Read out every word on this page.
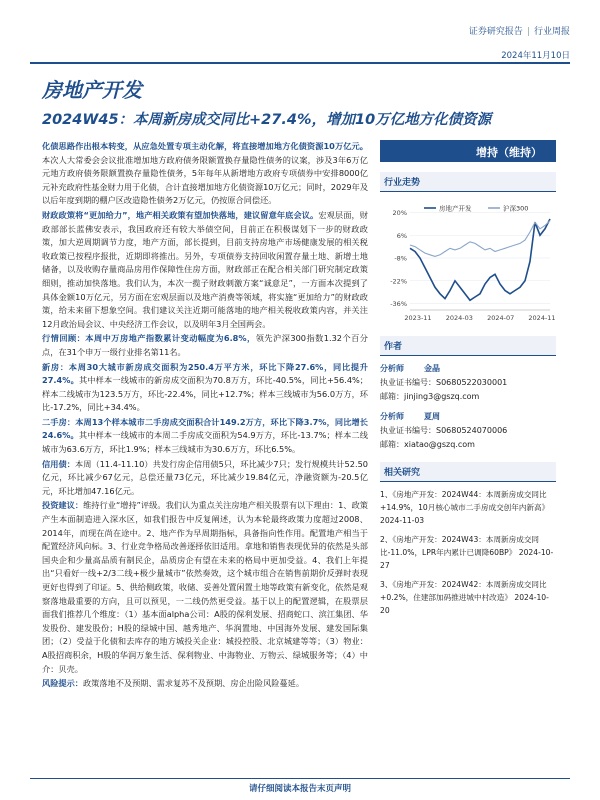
证券研究报告 | 行业周报
2024年11月10日
房地产开发
2024W45：本周新房成交同比+27.4%，增加10万亿地方化债资源

化债思路作出根本转变，从应急处置专项主动化解，将直接增加地方化债资源10万亿元。本次人大常委会会议批准增加地方政府债务限额置换存量隐性债务的议案，涉及3年6万亿元地方政府债务限额置换存量隐性债务，5年每年从新增地方政府专项债券中安排8000亿元补充政府性基金财力用于化债，合计直接增加地方化债资源10万亿元；同时，2029年及以后年度到期的棚户区改造隐性债务2万亿元，仍按原合同偿还。

财政政策将“更加给力”，地产相关政策有望加快落地，建议留意年底会议。宏观层面，财政部部长蓝佛安表示，我国政府还有较大举债空间，目前正在积极谋划下一步的财政政策，加大逆周期调节力度，地产方面，部长提到，目前支持房地产市场健康发展的相关税收政策已按程序报批，近期即将推出。另外，专项债券支持回收闲置存量土地、新增土地储备，以及收购存量商品房用作保障性住房方面，财政部正在配合相关部门研究制定政策细则，推动加快落地。我们认为，本次一揽子财政刺激方案“诚意足”，一方面本次提到了具体金额10万亿元，另方面在宏观层面以及地产消费等领域，将实施“更加给力”的财政政策，给未来留下想象空间。我们建议关注近期可能落地的地产相关税收政策内容，并关注12月政治局会议、中央经济工作会议，以及明年3月全国两会。

行情回顾：本周中万房地产指数累计变动幅度为6.8%，领先沪深300指数1.32个百分点，在31个申万一级行业排名第11名。

新房：本周30大城市新房成交面积为250.4万平方米，环比下降27.6%，同比提升27.4%。其中样本一线城市的新房成交面积为70.8万方，环比-40.5%，同比+56.4%；样本二线城市为123.5万方，环比-22.4%，同比+12.7%；样本三线城市为56.0万方，环比-17.2%，同比+34.4%。

二手房：本周13个样本城市二手房成交面积合计149.2万方，环比下降3.7%，同比增长24.6%。其中样本一线城市的本周二手房成交面积为54.9万方，环比-13.7%；样本二线城市为63.6万方，环比1.9%；样本三线城市为30.6万方，环比6.5%。

信用债：本周（11.4-11.10）共发行房企信用债5只，环比减少7只；发行规模共计52.50亿元，环比减少67亿元，总偿还量73亿元，环比减少19.84亿元，净融资额为-20.5亿元，环比增加47.16亿元。

投资建议：维持行业“增持”评级。我们认为重点关注房地产相关股票有以下理由：1、政策产生本面制造进入深水区，如我们报告中反复阐述，认为本轮最终政策力度超过2008、2014年，而现在尚在途中。2、地产作为早周期指标，具备指向性作用。配置地产相当于配置经济风向标。3、行业竞争格局改善逐择依旧适用。拿地和销售表现优异的依然是头部国央企和少量高品质有制民企，品质房企有望在未来的格局中更加受益。4、我们上年提出“只看好一线+2/3二线+极少量城市”依然奏效，这个城市组合在销售前期价反弹时表现更好也得到了印证。5、供给侧政策，收储、妥善处置闲置土地等政策有新变化，依然是观察落地最重要的方向，且可以预见，一二线仍然更受益。基于以上的配置逻辑，在股票层面我们推荐几个维度：（1）基本面alpha公司：A股的保利发展、招商蛇口、滨江集团、华发股份、建发股份；H股的绿城中国、越秀地产、华润置地、中国海外发展、建发国际集团；（2）受益于化债和去库存的地方城投关企业：城投控股、北京城建等等；（3）物业：A股招商积余，H股的华润万象生活、保利物业、中海物业、万物云、绿城服务等；（4）中介：贝壳。

风险提示：政策落地不及预期、需求复苏不及预期、房企出险风险蔓延。

增持（维持）
行业走势
20%
6%
-8%
-22%
-36%
2023-11 2024-03 2024-07 2024-11
房地产开发	沪深300
作者
分析师	金晶
执业证书编号： S0680522030001
邮箱： jinjing3@gszq.com
分析师	夏周
执业证书编号： S0680524070006
邮箱： xiatao@gszq.com
相关研究

1、《房地产开发：2024W44：本周新房成交同比+14.9%，10月核心城市二手房成交创年内新高》 2024-11-03

2、《房地产开发：2024W43：本周新房成交同比-11.0%，LPR年内累计已调降60BP》 2024-10-27

3、《房地产开发：2024W42：本周新房成交同比+0.2%，住建部加码推进城中村改造》 2024-10-20

请仔细阅读本报告末页声明
